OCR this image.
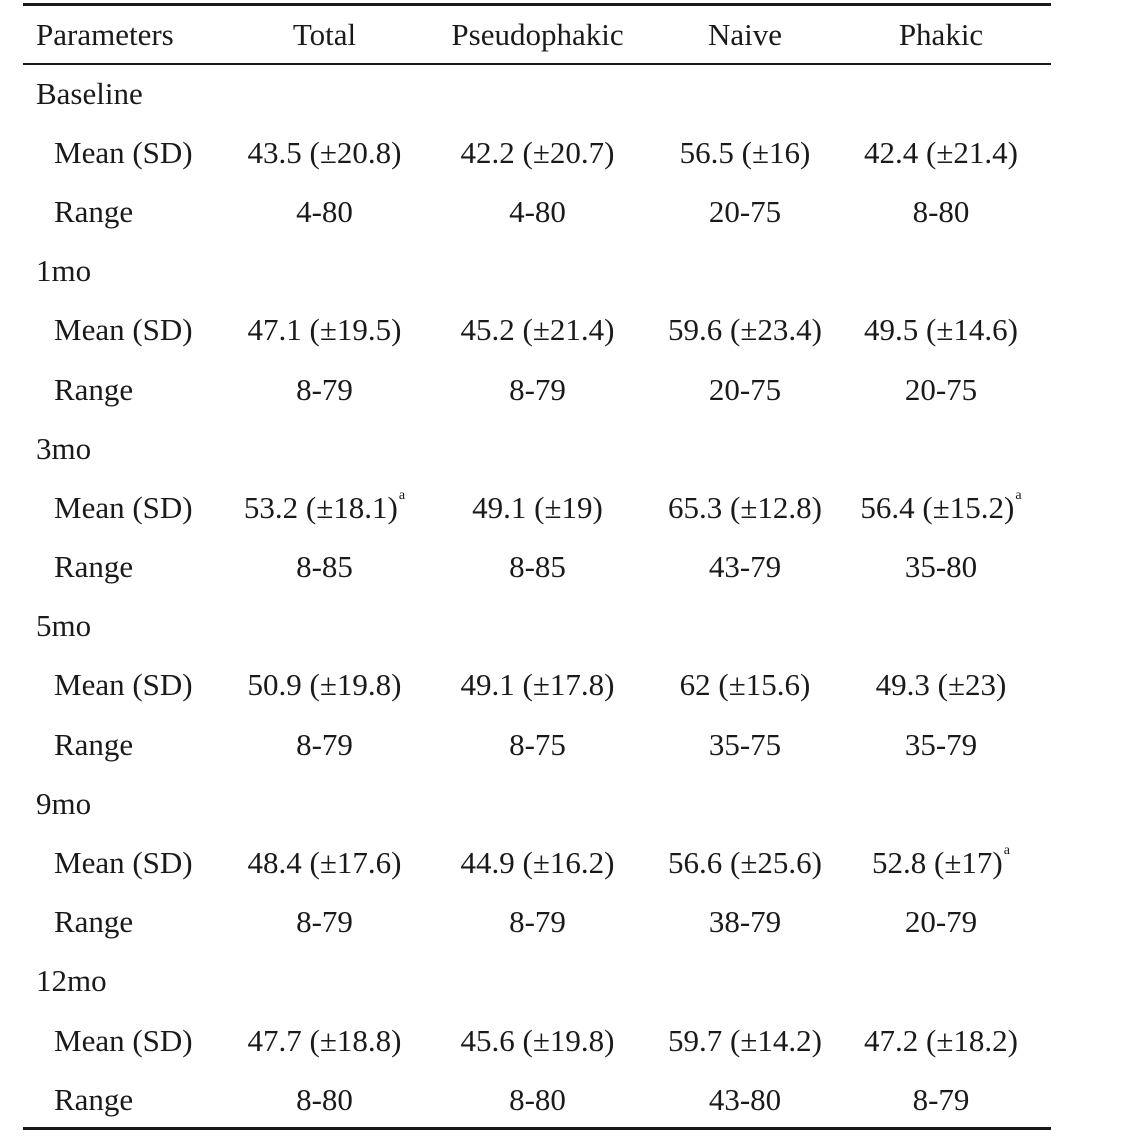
Parameters	Total	Pseudophakic	Naive	Phakic
Baseline				
Mean (SD)	43.5 (±20.8)	42.2 (±20.7)	56.5 (±16)	42.4 (±21.4)
Range	4-80	4-80	20-75	8-80
1mo				
Mean (SD)	47.1 (±19.5)	45.2 (±21.4)	59.6 (±23.4)	49.5 (±14.6)
Range	8-79	8-79	20-75	20-75
3mo				
Mean (SD)	53.2 $(\pm 18.1)^a$	49.1 (±19)	65.3 (±12.8)	56.4 $(\pm 15.2)^a$
Range	8-85	8-85	43-79	35-80
5mo				
Mean (SD)	50.9 (±19.8)	49.1 (±17.8)	62 (±15.6)	49.3 (±23)
Range	8-79	8-75	35-75	35-79
9mo				
Mean (SD)	48.4 (±17.6)	44.9 (±16.2)	56.6 (±25.6)	52.8 $(\pm 17)^a$
Range	8-79	8-79	38-79	20-79
12mo				
Mean (SD)	47.7 (±18.8)	45.6 (±19.8)	59.7 (±14.2)	47.2 (±18.2)
Range	8-80	8-80	43-80	8-79
